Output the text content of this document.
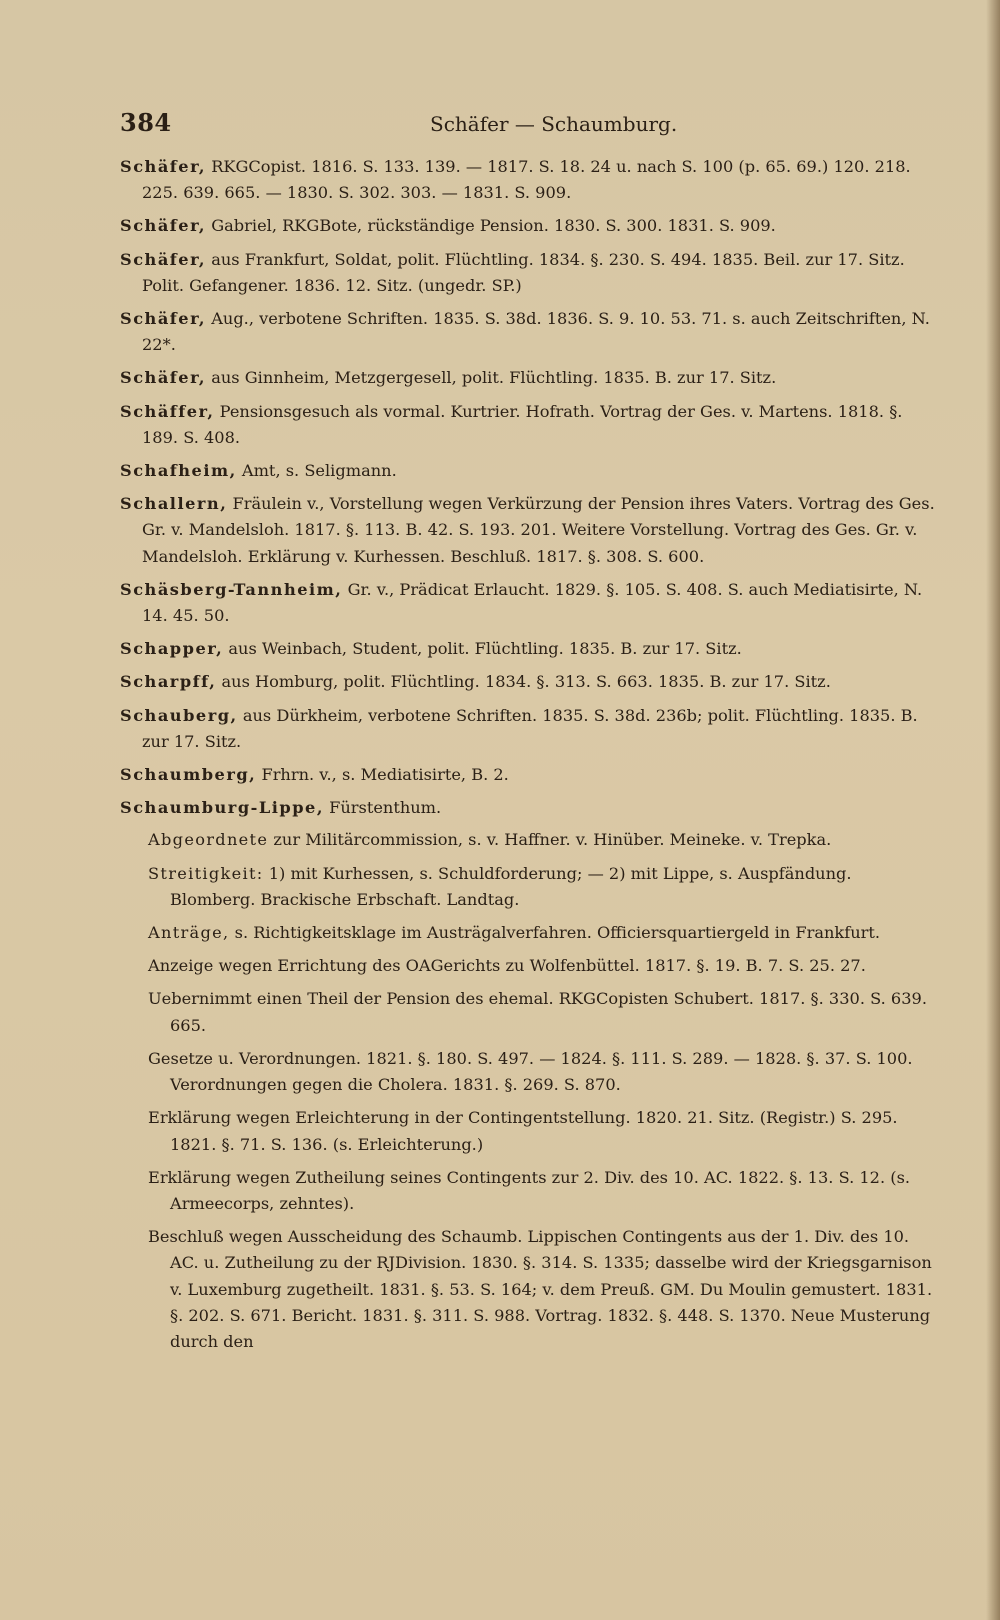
384	Schäfer — Schaumburg.

Schäfer, RKGCopist. 1816. S. 133. 139. — 1817. S. 18. 24 u. nach S. 100 (p. 65. 69.) 120. 218. 225. 639. 665. — 1830. S. 302. 303. — 1831. S. 909.

Schäfer, Gabriel, RKGBote, rückständige Pension. 1830. S. 300. 1831. S. 909.

Schäfer, aus Frankfurt, Soldat, polit. Flüchtling. 1834. §. 230. S. 494. 1835. Beil. zur 17. Sitz. Polit. Gefangener. 1836. 12. Sitz. (ungedr. SP.)

Schäfer, Aug., verbotene Schriften. 1835. S. 38d. 1836. S. 9. 10. 53. 71. s. auch Zeitschriften, N. 22*.

Schäfer, aus Ginnheim, Metzgergesell, polit. Flüchtling. 1835. B. zur 17. Sitz.

Schäffer, Pensionsgesuch als vormal. Kurtrier. Hofrath. Vortrag der Ges. v. Martens. 1818. §. 189. S. 408.

Schafheim, Amt, s. Seligmann.

Schallern, Fräulein v., Vorstellung wegen Verkürzung der Pension ihres Vaters. Vortrag des Ges. Gr. v. Mandelsloh. 1817. §. 113. B. 42. S. 193. 201. Weitere Vorstellung. Vortrag des Ges. Gr. v. Mandelsloh. Erklärung v. Kurhessen. Beschluß. 1817. §. 308. S. 600.

Schäsberg-Tannheim, Gr. v., Prädicat Erlaucht. 1829. §. 105. S. 408. S. auch Mediatisirte, N. 14. 45. 50.

Schapper, aus Weinbach, Student, polit. Flüchtling. 1835. B. zur 17. Sitz.

Scharpff, aus Homburg, polit. Flüchtling. 1834. §. 313. S. 663. 1835. B. zur 17. Sitz.

Schauberg, aus Dürkheim, verbotene Schriften. 1835. S. 38d. 236b; polit. Flüchtling. 1835. B. zur 17. Sitz.

Schaumberg, Frhrn. v., s. Mediatisirte, B. 2.

Schaumburg-Lippe, Fürstenthum.

Abgeordnete zur Militärcommission, s. v. Haffner. v. Hinüber. Meineke. v. Trepka.

Streitigkeit: 1) mit Kurhessen, s. Schuldforderung; — 2) mit Lippe, s. Auspfändung. Blomberg. Brackische Erbschaft. Landtag.

Anträge, s. Richtigkeitsklage im Austrägalverfahren. Officiersquartiergeld in Frankfurt.

Anzeige wegen Errichtung des OAGerichts zu Wolfenbüttel. 1817. §. 19. B. 7. S. 25. 27.

Uebernimmt einen Theil der Pension des ehemal. RKGCopisten Schubert. 1817. §. 330. S. 639. 665.

Gesetze u. Verordnungen. 1821. §. 180. S. 497. — 1824. §. 111. S. 289. — 1828. §. 37. S. 100. Verordnungen gegen die Cholera. 1831. §. 269. S. 870.

Erklärung wegen Erleichterung in der Contingentstellung. 1820. 21. Sitz. (Registr.) S. 295. 1821. §. 71. S. 136. (s. Erleichterung.)

Erklärung wegen Zutheilung seines Contingents zur 2. Div. des 10. AC. 1822. §. 13. S. 12. (s. Armeecorps, zehntes).

Beschluß wegen Ausscheidung des Schaumb. Lippischen Contingents aus der 1. Div. des 10. AC. u. Zutheilung zu der RJDivision. 1830. §. 314. S. 1335; dasselbe wird der Kriegsgarnison v. Luxemburg zugetheilt. 1831. §. 53. S. 164; v. dem Preuß. GM. Du Moulin gemustert. 1831. §. 202. S. 671. Bericht. 1831. §. 311. S. 988. Vortrag. 1832. §. 448. S. 1370. Neue Musterung durch den
